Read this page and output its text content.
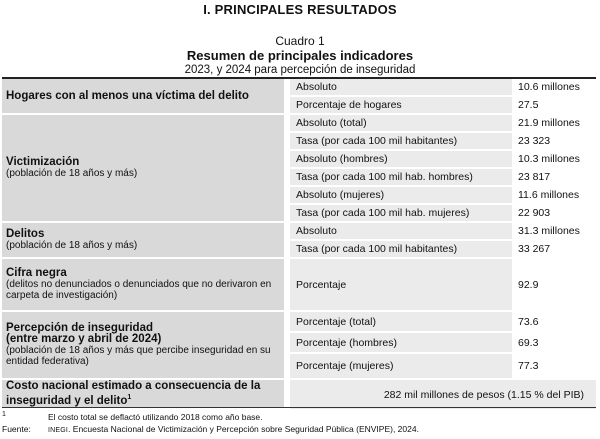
I. PRINCIPALES RESULTADOS
Cuadro 1
Resumen de principales indicadores
2023, y 2024 para percepción de inseguridad
Hogares con al menos una víctima del delito		Absoluto	10.6 millones
		Porcentaje de hogares	27.5

Victimización
(población de 18 años y más)		Absoluto (total)	21.9 millones
		Tasa (por cada 100 mil habitantes)	23 323
		Absoluto (hombres)	10.3 millones
		Tasa (por cada 100 mil hab. hombres)	23 817
		Absoluto (mujeres)	11.6 millones
		Tasa (por cada 100 mil hab. mujeres)	22 903

Delitos
(población de 18 años y más)		Absoluto	31.3 millones
		Tasa (por cada 100 mil habitantes)	33 267

Cifra negra
(delitos no denunciados o denunciados que no derivaron en carpeta de investigación)		Porcentaje	92.9

Percepción de inseguridad
(entre marzo y abril de 2024)
(población de 18 años y más que percibe inseguridad en su entidad federativa)		Porcentaje (total)	73.6
		Porcentaje (hombres)	69.3
		Porcentaje (mujeres)	77.3

Costo nacional estimado a consecuencia de la inseguridad y el delito$^1$		282 mil millones de pesos (1.15 % del PIB)	
$^1$	El costo total se deflactó utilizando 2018 como año base.
Fuente: INEGI. Encuesta Nacional de Victimización y Percepción sobre Seguridad Pública (ENVIPE), 2024.
